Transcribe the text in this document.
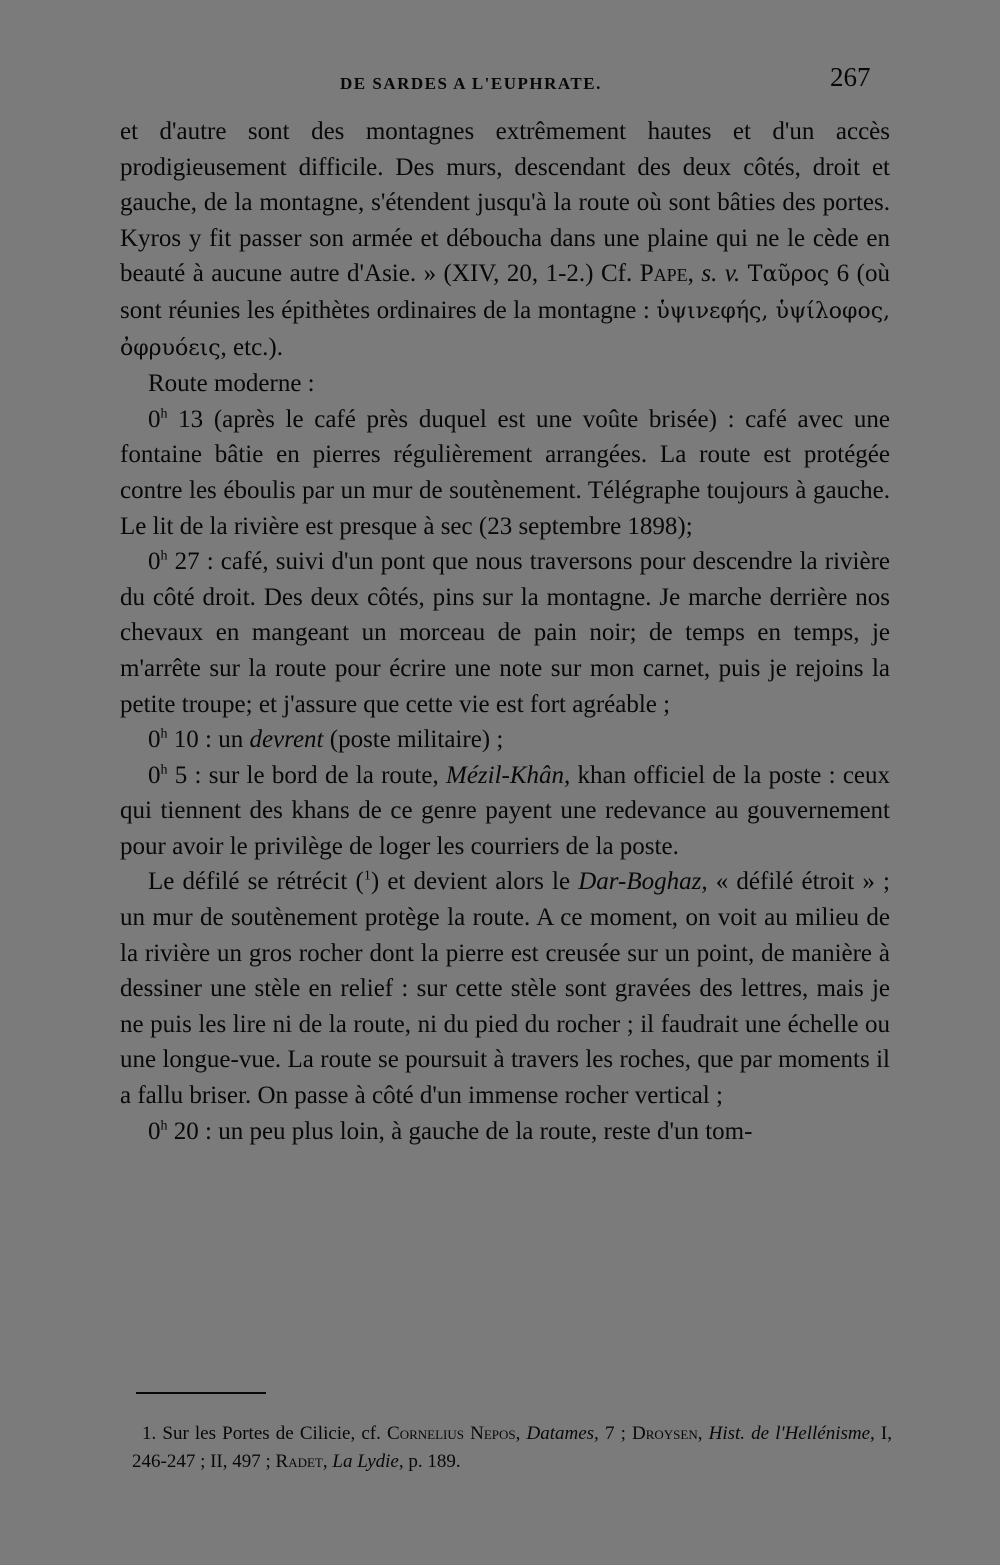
DE SARDES A L'EUPHRATE.	267

et d'autre sont des montagnes extrêmement hautes et d'un accès prodigieusement difficile. Des murs, descendant des deux côtés, droit et gauche, de la montagne, s'étendent jusqu'à la route où sont bâties des portes. Kyros y fit passer son armée et déboucha dans une plaine qui ne le cède en beauté à aucune autre d'Asie. » (XIV, 20, 1-2.) Cf. Pape, s. v. Ταῦρος 6 (où sont réunies les épithètes ordinaires de la montagne : ὑψινεφής, ὑψίλοφος, ὀφρυόεις, etc.).

Route moderne :

0$^h$ 13 (après le café près duquel est une voûte brisée) : café avec une fontaine bâtie en pierres régulièrement arrangées. La route est protégée contre les éboulis par un mur de soutènement. Télégraphe toujours à gauche. Le lit de la rivière est presque à sec (23 septembre 1898);

0$^h$ 27 : café, suivi d'un pont que nous traversons pour descendre la rivière du côté droit. Des deux côtés, pins sur la montagne. Je marche derrière nos chevaux en mangeant un morceau de pain noir; de temps en temps, je m'arrête sur la route pour écrire une note sur mon carnet, puis je rejoins la petite troupe; et j'assure que cette vie est fort agréable ;

0$^h$ 10 : un devrent (poste militaire) ;

0$^h$ 5 : sur le bord de la route, Mézil-Khân, khan officiel de la poste : ceux qui tiennent des khans de ce genre payent une redevance au gouvernement pour avoir le privilège de loger les courriers de la poste.

Le défilé se rétrécit ($^1$) et devient alors le Dar-Boghaz, « défilé étroit » ; un mur de soutènement protège la route. A ce moment, on voit au milieu de la rivière un gros rocher dont la pierre est creusée sur un point, de manière à dessiner une stèle en relief : sur cette stèle sont gravées des lettres, mais je ne puis les lire ni de la route, ni du pied du rocher ; il faudrait une échelle ou une longue-vue. La route se poursuit à travers les roches, que par moments il a fallu briser. On passe à côté d'un immense rocher vertical ;

0$^h$ 20 : un peu plus loin, à gauche de la route, reste d'un tom-

1. Sur les Portes de Cilicie, cf. Cornelius Nepos, Datames, 7 ; Droysen, Hist. de l'Hellénisme, I, 246-247 ; II, 497 ; Radet, La Lydie, p. 189.
